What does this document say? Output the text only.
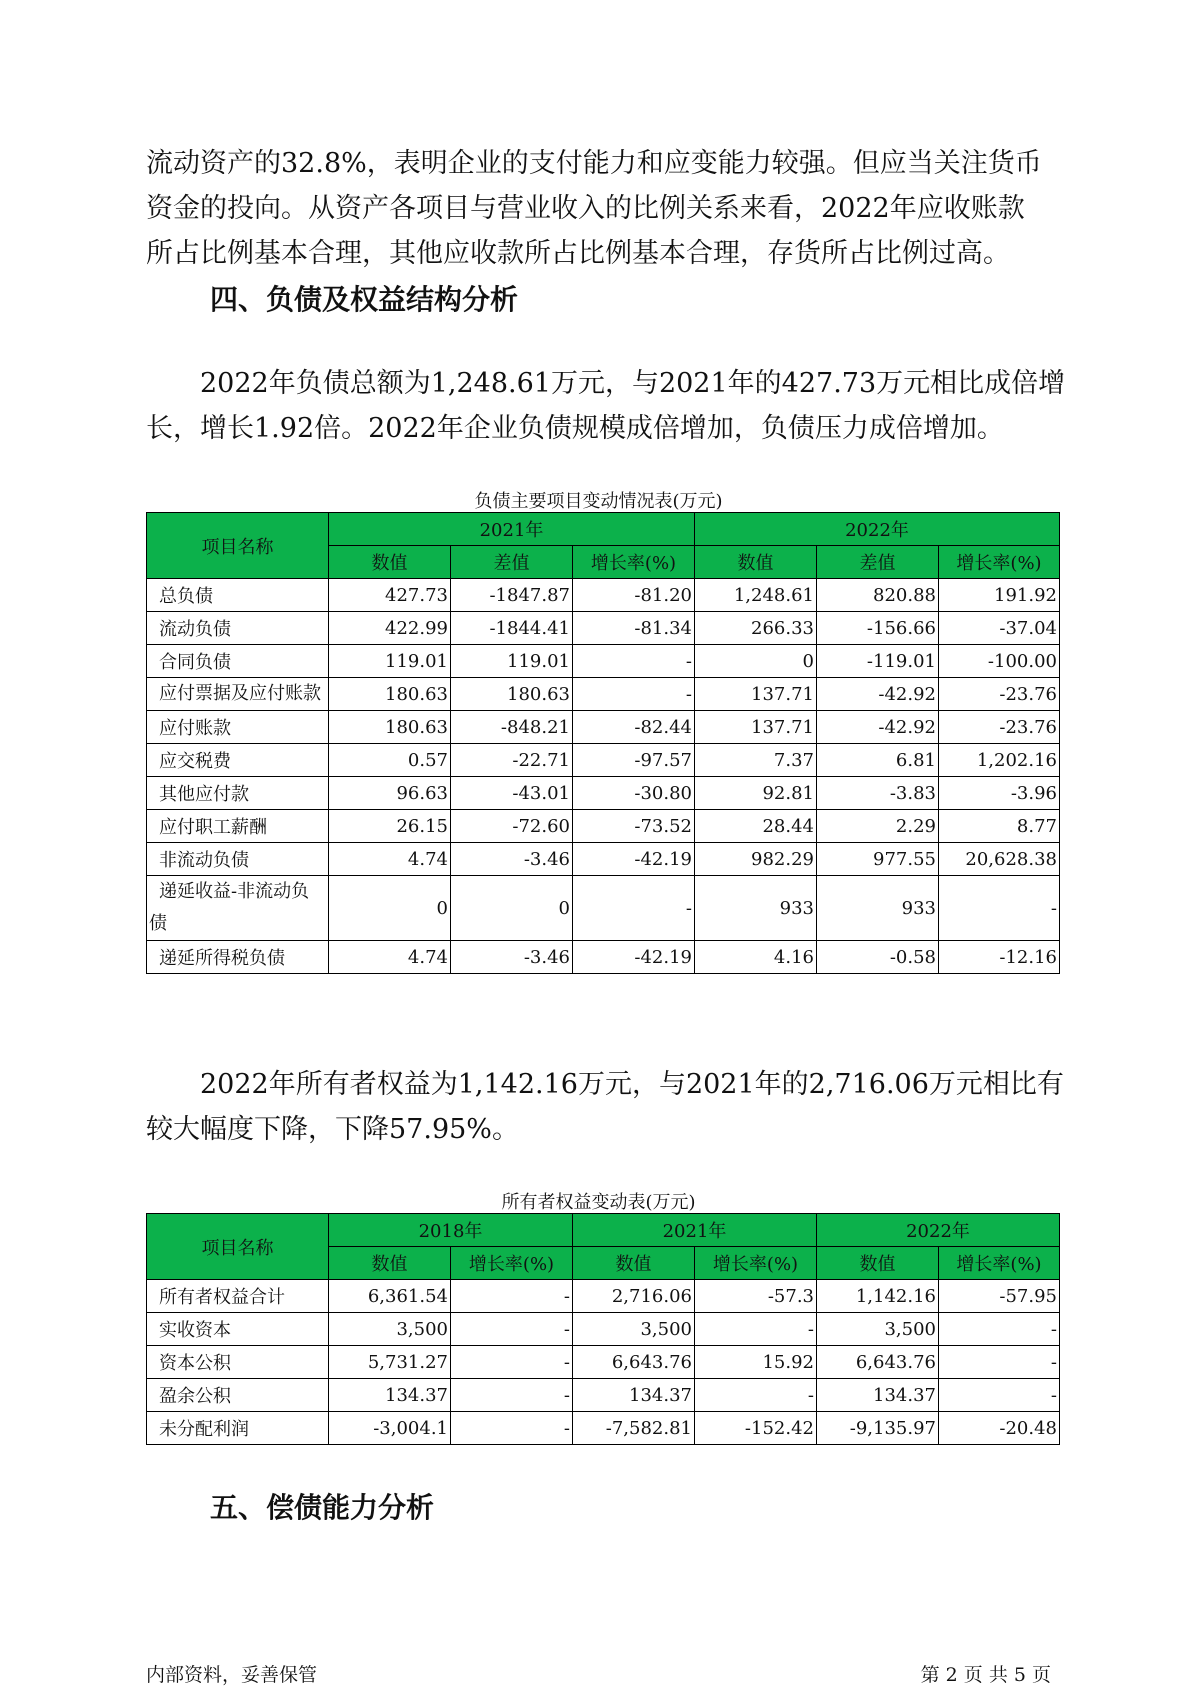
流动资产的32.8%，表明企业的支付能力和应变能力较强。但应当关注货币
资金的投向。从资产各项目与营业收入的比例关系来看，2022年应收账款
所占比例基本合理，其他应收款所占比例基本合理，存货所占比例过高。

四、负债及权益结构分析

2022年负债总额为1,248.61万元，与2021年的427.73万元相比成倍增
长，增长1.92倍。2022年企业负债规模成倍增加，负债压力成倍增加。

负债主要项目变动情况表(万元)
项目名称	2021年			2022年		
	数值	差值	增长率(%)	数值	差值	增长率(%)
总负债	427.73	-1847.87	-81.20	1,248.61	820.88	191.92
流动负债	422.99	-1844.41	-81.34	266.33	-156.66	-37.04
合同负债	119.01	119.01	-	0	-119.01	-100.00
应付票据及应付账款	180.63	180.63	-	137.71	-42.92	-23.76
应付账款	180.63	-848.21	-82.44	137.71	-42.92	-23.76
应交税费	0.57	-22.71	-97.57	7.37	6.81	1,202.16
其他应付款	96.63	-43.01	-30.80	92.81	-3.83	-3.96
应付职工薪酬	26.15	-72.60	-73.52	28.44	2.29	8.77
非流动负债	4.74	-3.46	-42.19	982.29	977.55	20,628.38
递延收益-非流动负债	0	0	-	933	933	-
递延所得税负债	4.74	-3.46	-42.19	4.16	-0.58	-12.16

2022年所有者权益为1,142.16万元，与2021年的2,716.06万元相比有
较大幅度下降，下降57.95%。

所有者权益变动表(万元)
项目名称	2018年		2021年		2022年	
	数值	增长率(%)	数值	增长率(%)	数值	增长率(%)
所有者权益合计	6,361.54	-	2,716.06	-57.3	1,142.16	-57.95
实收资本	3,500	-	3,500	-	3,500	-
资本公积	5,731.27	-	6,643.76	15.92	6,643.76	-
盈余公积	134.37	-	134.37	-	134.37	-
未分配利润	-3,004.1	-	-7,582.81	-152.42	-9,135.97	-20.48
五、偿债能力分析
内部资料，妥善保管	第 2 页 共 5 页
